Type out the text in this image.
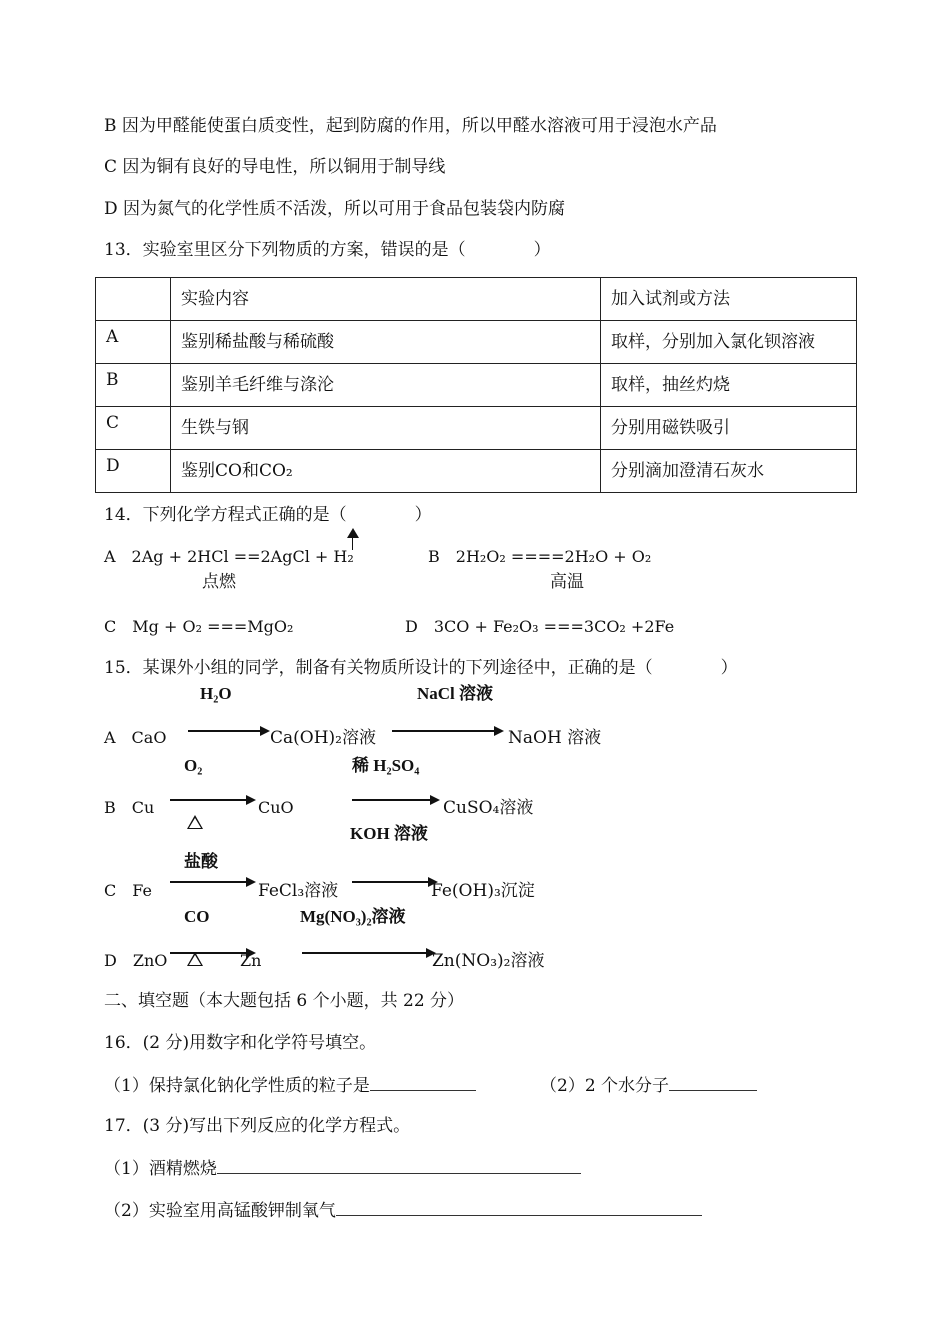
B 因为甲醛能使蛋白质变性，起到防腐的作用，所以甲醛水溶液可用于浸泡水产品
C 因为铜有良好的导电性，所以铜用于制导线
D 因为氮气的化学性质不活泼，所以可用于食品包装袋内防腐
13．实验室里区分下列物质的方案，错误的是（　　　　）
	实验内容	加入试剂或方法
A	鉴别稀盐酸与稀硫酸	取样，分别加入氯化钡溶液
B	鉴别羊毛纤维与涤沦	取样，抽丝灼烧
C	生铁与钢	分别用磁铁吸引
D	鉴别CO和CO₂	分别滴加澄清石灰水
14．下列化学方程式正确的是（　　　　）
A　2Ag + 2HCl ==2AgCl + H₂
点燃
B　2H₂O₂ ====2H₂O + O₂
高温
C　Mg + O₂ ===MgO₂	D　3CO + Fe₂O₃ ===3CO₂ +2Fe
15．某课外小组的同学，制备有关物质所设计的下列途径中，正确的是（　　　　）
H₂O	NaCl 溶液
A　CaO	Ca(OH)₂溶液	NaOH 溶液
O₂	稀 H₂SO₄
B　Cu	CuO	CuSO₄溶液
盐酸
KOH 溶液
C　Fe	FeCl₃溶液	Fe(OH)₃沉淀
CO	Mg(NO₃)₂溶液
D　ZnO	Zn	Zn(NO₃)₂溶液
二、填空题（本大题包括 6 个小题，共 22 分）
16．(2 分)用数字和化学符号填空。
（1）保持氯化钠化学性质的粒子是	（2）2 个水分子
17．(3 分)写出下列反应的化学方程式。
（1）酒精燃烧
（2）实验室用高锰酸钾制氧气
